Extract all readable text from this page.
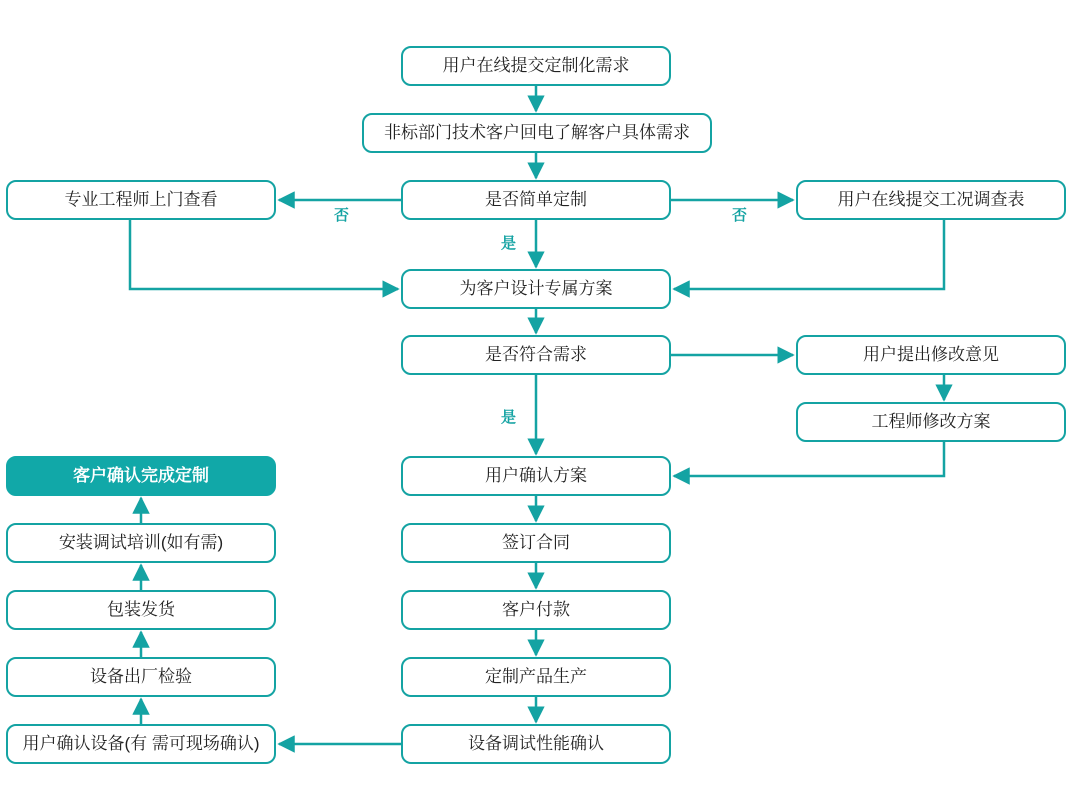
用户在线提交定制化需求
非标部门技术客户回电了解客户具体需求
是否简单定制
专业工程师上门查看	用户在线提交工况调查表
为客户设计专属方案
是否符合需求	用户提出修改意见
工程师修改方案
用户确认方案
签订合同
客户付款
定制产品生产
设备调试性能确认
用户确认设备(有 需可现场确认)
设备出厂检验
包装发货
安装调试培训(如有需)
客户确认完成定制
否	否
是
是
